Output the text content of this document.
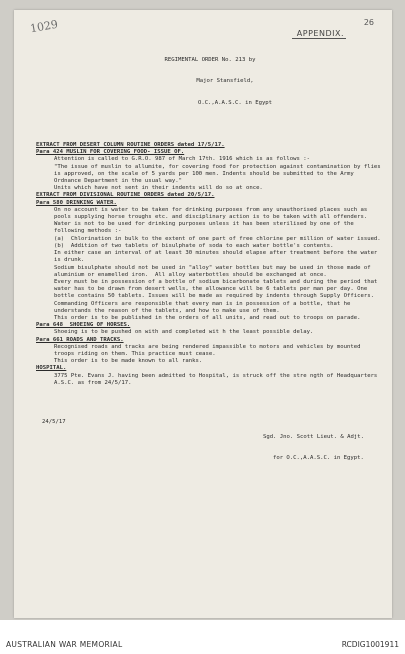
1029	26
APPENDIX.

REGIMENTAL ORDER No. 213 by

Major Stansfield,

O.C.,A.A.S.C. in Egypt

EXTRACT FROM DESERT COLUMN ROUTINE ORDERS dated 17/5/17.

Para 424 MUSLIN FOR COVERING FOOD- ISSUE OF.

Attention is called to G.R.O. 987 of March 17th. 1916 which is as follows :-

"The issue of muslin to allumite, for covering food for protection against contamination by flies is approved, on the scale of 5 yards per 100 men. Indents should be submitted to the Army Ordnance Department in the usual way."

Units which have not sent in their indents will do so at once.

EXTRACT FROM DIVISIONAL ROUTINE ORDERS dated 20/5/17.

Para 580 DRINKING WATER.

On no account is water to be taken for drinking purposes from any unauthorised places such as pools supplying horse troughs etc. and disciplinary action is to be taken with all offenders.

Water is not to be used for drinking purposes unless it has been sterilised by one of the following methods :-

(a)  Chlorination in bulk to the extent of one part of free chlorine per million of water issued.

(b)  Addition of two tablets of bisulphate of soda to each water bottle's contents.

In either case an interval of at least 30 minutes should elapse after treatment before the water is drunk.

Sodium bisulphate should not be used in "alloy" water bottles but may be used in those made of aluminium or enamelled iron.  All alloy waterbottles should be exchanged at once.

Every must be in possession of a bottle of sodium bicarbonate tablets and during the period that water has to be drawn from desert wells, the allowance will be 6 tablets per man per day. One bottle contains 50 tablets. Issues will be made as required by indents through Supply Officers.

Commanding Officers are responsible that every man is in possession of a bottle, that he understands the reason of the tablets, and how to make use of them.

This order is to be published in the orders of all units, and read out to troops on parade.

Para 648  SHOEING OF HORSES.

Shoeing is to be pushed on with and completed wit h the least possible delay.

Para 661 ROADS AND TRACKS.

Recognised roads and tracks are being rendered impassible to motors and vehicles by mounted troops riding on them. This practice must cease.

This order is to be made known to all ranks.

HOSPITAL.

3775 Pte. Evans J. having been admitted to Hospital, is struck off the stre ngth of Headquarters A.S.C. as from 24/5/17.

24/5/17

Sgd. Jno. Scott Lieut. & Adjt.

for O.C.,A.A.S.C. in Egypt.

AUSTRALIAN WAR MEMORIAL	RCDIG1001911
